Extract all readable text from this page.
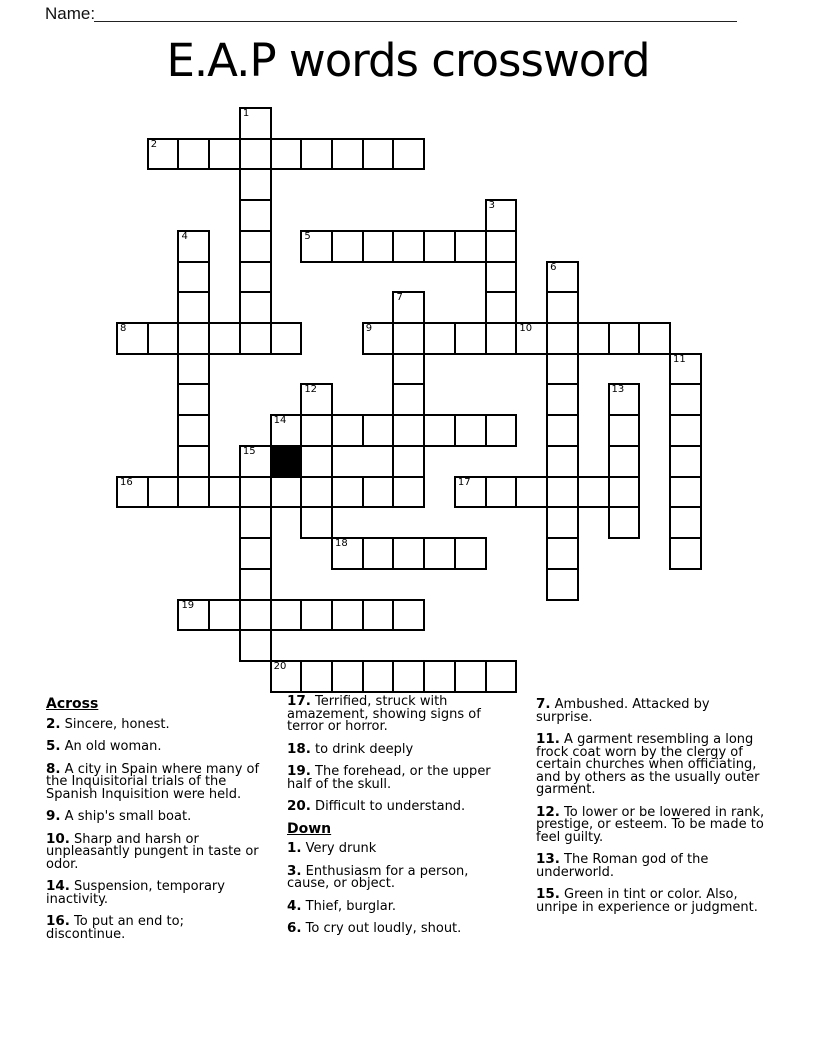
Name:
E.A.P words crossword
1
2
3
4	5
6
7
8	9	10
11
12	13
14
15
16	17
18
19
20
Across
2. Sincere, honest.
5. An old woman.
8. A city in Spain where many of the Inquisitorial trials of the Spanish Inquisition were held.
9. A ship's small boat.
10. Sharp and harsh or unpleasantly pungent in taste or odor.
14. Suspension, temporary inactivity.
16. To put an end to; discontinue.
17. Terrified, struck with amazement, showing signs of terror or horror.
18. to drink deeply
19. The forehead, or the upper half of the skull.
20. Difficult to understand.
Down
1. Very drunk
3. Enthusiasm for a person, cause, or object.
4. Thief, burglar.
6. To cry out loudly, shout.
7. Ambushed. Attacked by surprise.
11. A garment resembling a long frock coat worn by the clergy of certain churches when officiating, and by others as the usually outer garment.
12. To lower or be lowered in rank, prestige, or esteem. To be made to feel guilty.
13. The Roman god of the underworld.
15. Green in tint or color. Also, unripe in experience or judgment.
